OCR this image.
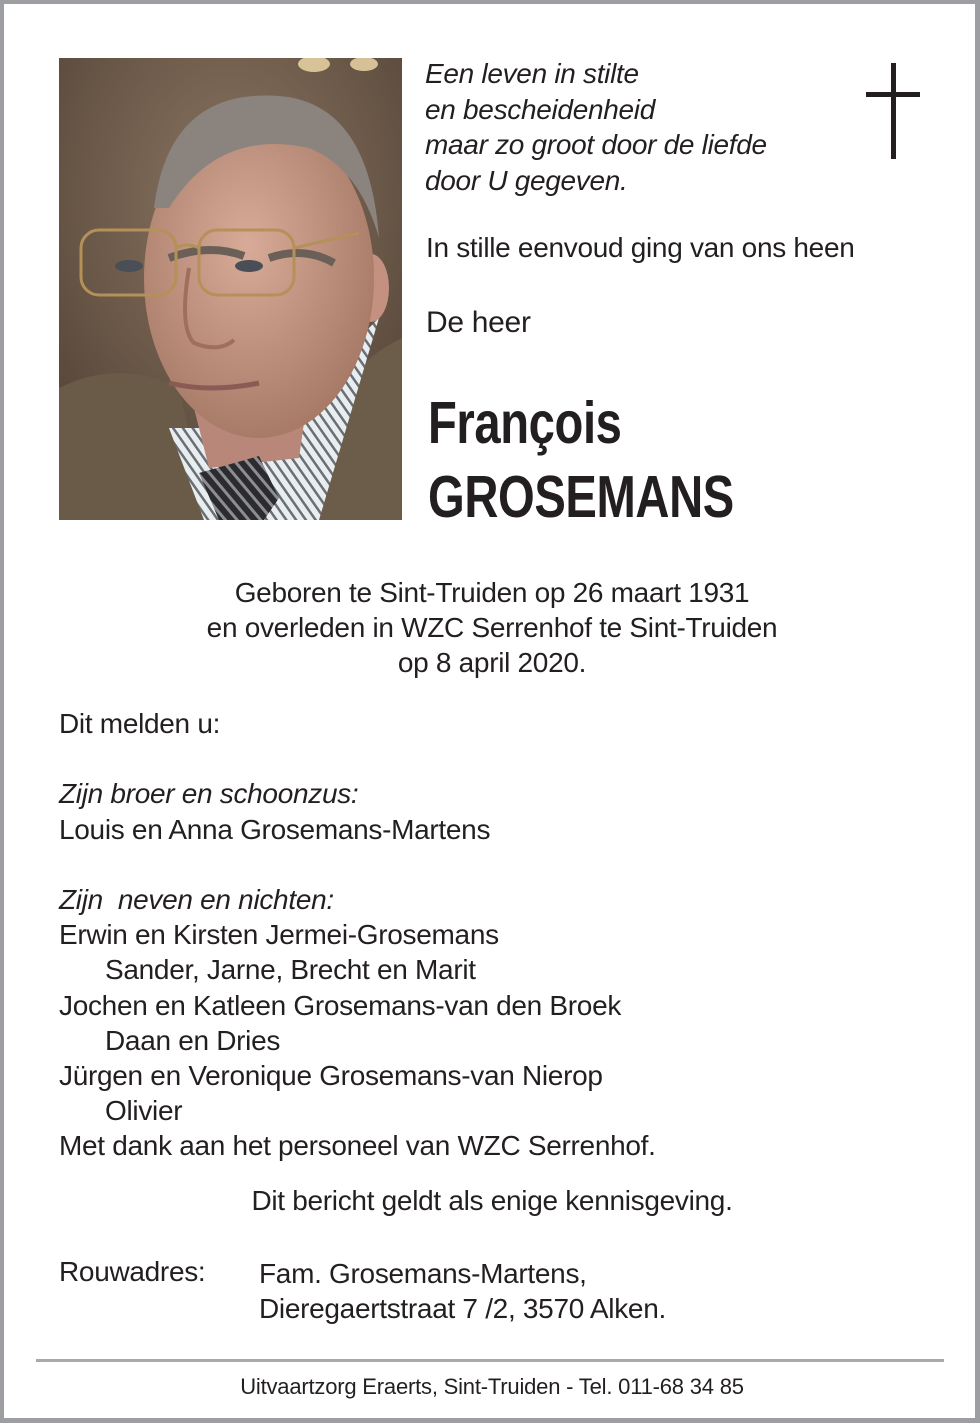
Een leven in stilte
en bescheidenheid
maar zo groot door de liefde
door U gegeven.
In stille eenvoud ging van ons heen
De heer
François
GROSEMANS
Geboren te Sint-Truiden op 26 maart 1931
en overleden in WZC Serrenhof te Sint-Truiden
op 8 april 2020.
Dit melden u:
Zijn broer en schoonzus:
Louis en Anna Grosemans-Martens
Zijn  neven en nichten:
Erwin en Kirsten Jermei-Grosemans
Sander, Jarne, Brecht en Marit
Jochen en Katleen Grosemans-van den Broek
Daan en Dries
Jürgen en Veronique Grosemans-van Nierop
Olivier
Met dank aan het personeel van WZC Serrenhof.
Dit bericht geldt als enige kennisgeving.
Rouwadres: Fam. Grosemans-Martens,
Dieregaertstraat 7 /2, 3570 Alken.
Uitvaartzorg Eraerts, Sint-Truiden - Tel. 011-68 34 85
